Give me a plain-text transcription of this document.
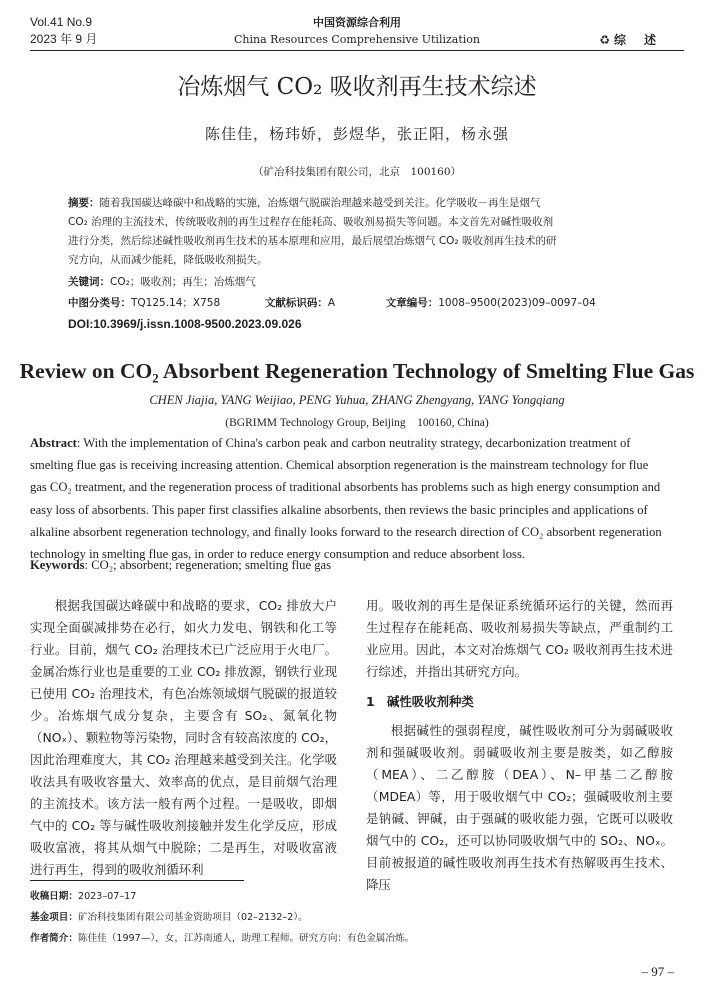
Vol.41 No.9
2023 年 9 月
中国资源综合利用
China Resources Comprehensive Utilization	♻综述
冶炼烟气 CO₂ 吸收剂再生技术综述
陈佳佳，杨玮娇，彭煜华，张正阳，杨永强
（矿冶科技集团有限公司，北京　100160）
摘要：随着我国碳达峰碳中和战略的实施，冶炼烟气脱碳治理越来越受到关注。化学吸收－再生是烟气
CO₂ 治理的主流技术，传统吸收剂的再生过程存在能耗高、吸收剂易损失等问题。本文首先对碱性吸收剂
进行分类，然后综述碱性吸收剂再生技术的基本原理和应用，最后展望冶炼烟气 CO₂ 吸收剂再生技术的研
究方向，从而减少能耗，降低吸收剂损失。
关键词：CO₂；吸收剂；再生；冶炼烟气
中图分类号：TQ125.14；X758	文献标识码：A	文章编号：1008–9500(2023)09–0097–04
DOI:10.3969/j.issn.1008-9500.2023.09.026
Review on CO₂ Absorbent Regeneration Technology of Smelting Flue Gas
CHEN Jiajia, YANG Weijiao, PENG Yuhua, ZHANG Zhengyang, YANG Yongqiang
(BGRIMM Technology Group, Beijing　100160, China)
Abstract: With the implementation of China's carbon peak and carbon neutrality strategy, decarbonization treatment of
smelting flue gas is receiving increasing attention. Chemical absorption regeneration is the mainstream technology for flue
gas CO₂ treatment, and the regeneration process of traditional absorbents has problems such as high energy consumption and
easy loss of absorbents. This paper first classifies alkaline absorbents, then reviews the basic principles and applications of
alkaline absorbent regeneration technology, and finally looks forward to the research direction of CO₂ absorbent regeneration
technology in smelting flue gas, in order to reduce energy consumption and reduce absorbent loss.
Keywords: CO₂; absorbent; regeneration; smelting flue gas

根据我国碳达峰碳中和战略的要求，CO₂ 排放大户实现全面碳减排势在必行，如火力发电、钢铁和化工等行业。目前，烟气 CO₂ 治理技术已广泛应用于火电厂。金属冶炼行业也是重要的工业 CO₂ 排放源，钢铁行业现已使用 CO₂ 治理技术，有色冶炼领域烟气脱碳的报道较少。冶炼烟气成分复杂，主要含有 SO₂、氮氧化物（NOₓ）、颗粒物等污染物，同时含有较高浓度的 CO₂，因此治理难度大，其 CO₂ 治理越来越受到关注。化学吸收法具有吸收容量大、效率高的优点，是目前烟气治理的主流技术。该方法一般有两个过程。一是吸收，即烟气中的 CO₂ 等与碱性吸收剂接触并发生化学反应，形成吸收富液，将其从烟气中脱除；二是再生，对吸收富液进行再生，得到的吸收剂循环利

用。吸收剂的再生是保证系统循环运行的关键，然而再生过程存在能耗高、吸收剂易损失等缺点，严重制约工业应用。因此，本文对冶炼烟气 CO₂ 吸收剂再生技术进行综述，并指出其研究方向。

1　碱性吸收剂种类

根据碱性的强弱程度，碱性吸收剂可分为弱碱吸收剂和强碱吸收剂。弱碱吸收剂主要是胺类，如乙醇胺（MEA）、二乙醇胺（DEA）、N–甲基二乙醇胺（MDEA）等，用于吸收烟气中 CO₂；强碱吸收剂主要是钠碱、钾碱，由于强碱的吸收能力强，它既可以吸收烟气中的 CO₂，还可以协同吸收烟气中的 SO₂、NOₓ。目前被报道的碱性吸收剂再生技术有热解吸再生技术、降压

收稿日期：2023–07–17
基金项目：矿冶科技集团有限公司基金资助项目（02–2132–2）。
作者简介：陈佳佳（1997—），女，江苏南通人，助理工程师。研究方向：有色金属冶炼。
– 97 –
